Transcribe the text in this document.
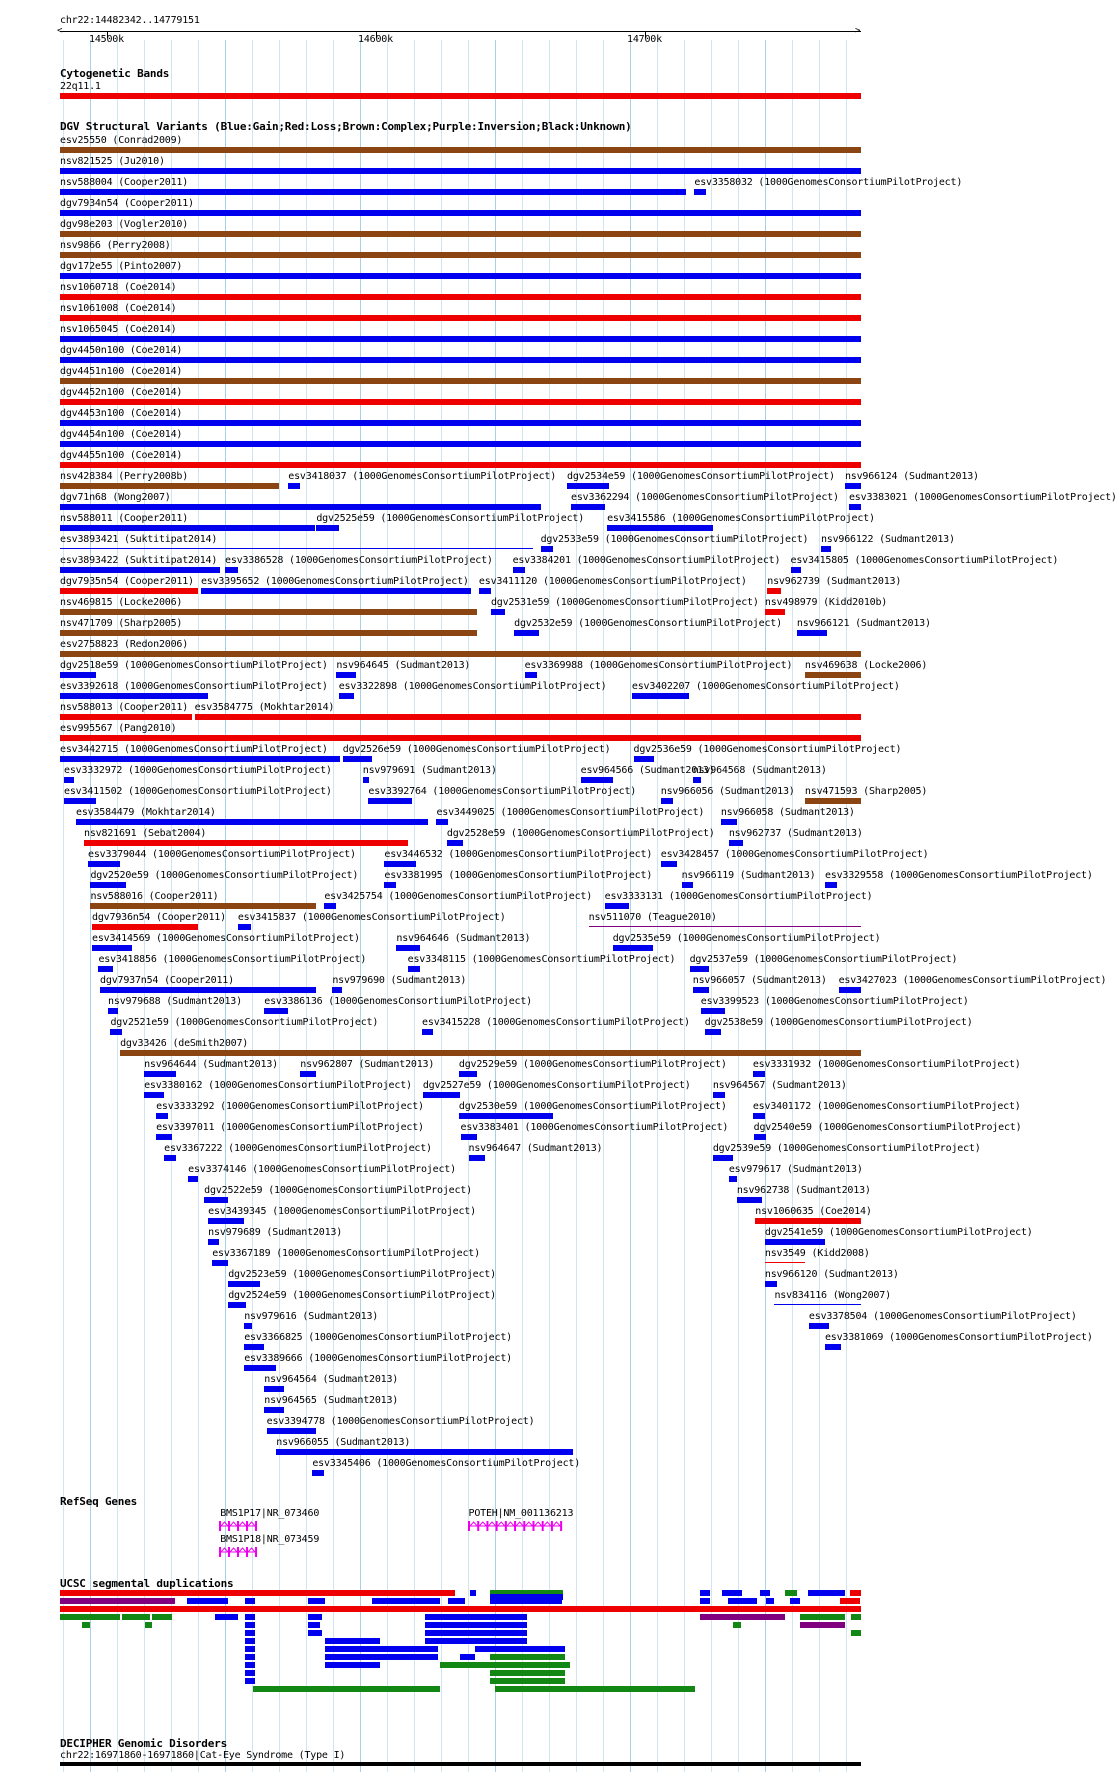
chr22:14482342..14779151
<	>
14500k	14600k	14700k
Cytogenetic Bands
22q11.1
DGV Structural Variants (Blue:Gain;Red:Loss;Brown:Complex;Purple:Inversion;Black:Unknown)
esv25550 (Conrad2009)
nsv821525 (Ju2010)
nsv588004 (Cooper2011)	esv3358032 (1000GenomesConsortiumPilotProject)
dgv7934n54 (Cooper2011)
dgv98e203 (Vogler2010)
nsv9866 (Perry2008)
dgv172e55 (Pinto2007)
nsv1060718 (Coe2014)
nsv1061008 (Coe2014)
nsv1065045 (Coe2014)
dgv4450n100 (Coe2014)
dgv4451n100 (Coe2014)
dgv4452n100 (Coe2014)
dgv4453n100 (Coe2014)
dgv4454n100 (Coe2014)
dgv4455n100 (Coe2014)
nsv428384 (Perry2008b)	esv3418037 (1000GenomesConsortiumPilotProject) dgv2534e59 (1000GenomesConsortiumPilotProject) nsv966124 (Sudmant2013)
dgv71n68 (Wong2007)	esv3362294 (1000GenomesConsortiumPilotProject) esv3383021 (1000GenomesConsortiumPilotProject)
nsv588011 (Cooper2011)	dgv2525e59 (1000GenomesConsortiumPilotProject) esv3415586 (1000GenomesConsortiumPilotProject)
esv3893421 (Suktitipat2014)	dgv2533e59 (1000GenomesConsortiumPilotProject) nsv966122 (Sudmant2013)
esv3893422 (Suktitipat2014) esv3386528 (1000GenomesConsortiumPilotProject) esv3384201 (1000GenomesConsortiumPilotProject) esv3415805 (1000GenomesConsortiumPilotProject)
dgv7935n54 (Cooper2011) esv3395652 (1000GenomesConsortiumPilotProject) esv3411120 (1000GenomesConsortiumPilotProject) nsv962739 (Sudmant2013)
nsv469815 (Locke2006)	dgv2531e59 (1000GenomesConsortiumPilotProject) nsv498979 (Kidd2010b)
nsv471709 (Sharp2005)	dgv2532e59 (1000GenomesConsortiumPilotProject) nsv966121 (Sudmant2013)
esv2758823 (Redon2006)
dgv2518e59 (1000GenomesConsortiumPilotProject) nsv964645 (Sudmant2013)	esv3369988 (1000GenomesConsortiumPilotProject) nsv469638 (Locke2006)
esv3392618 (1000GenomesConsortiumPilotProject) esv3322898 (1000GenomesConsortiumPilotProject)	esv3402207 (1000GenomesConsortiumPilotProject)
nsv588013 (Cooper2011) esv3584775 (Mokhtar2014)
esv995567 (Pang2010)
esv3442715 (1000GenomesConsortiumPilotProject) dgv2526e59 (1000GenomesConsortiumPilotProject) dgv2536e59 (1000GenomesConsortiumPilotProject)
esv3332972 (1000GenomesConsortiumPilotProject)	nsv979691 (Sudmant2013)	esv964566 (Sudmant2013)
nsv964568 (Sudmant2013)
esv3411502 (1000GenomesConsortiumPilotProject)	esv3392764 (1000GenomesConsortiumPilotProject) nsv966056 (Sudmant2013) nsv471593 (Sharp2005)
esv3584479 (Mokhtar2014)	esv3449025 (1000GenomesConsortiumPilotProject) nsv966058 (Sudmant2013)
nsv821691 (Sebat2004)	dgv2528e59 (1000GenomesConsortiumPilotProject) nsv962737 (Sudmant2013)
esv3379044 (1000GenomesConsortiumPilotProject)	esv3446532 (1000GenomesConsortiumPilotProject) esv3428457 (1000GenomesConsortiumPilotProject)
dgv2520e59 (1000GenomesConsortiumPilotProject)	esv3381995 (1000GenomesConsortiumPilotProject)	nsv966119 (Sudmant2013) esv3329558 (1000GenomesConsortiumPilotProject)
nsv588016 (Cooper2011)	esv3425754 (1000GenomesConsortiumPilotProject) esv3333131 (1000GenomesConsortiumPilotProject)
dgv7936n54 (Cooper2011) esv3415837 (1000GenomesConsortiumPilotProject)	nsv511070 (Teague2010)
esv3414569 (1000GenomesConsortiumPilotProject)	nsv964646 (Sudmant2013)	dgv2535e59 (1000GenomesConsortiumPilotProject)
esv3418856 (1000GenomesConsortiumPilotProject)	esv3348115 (1000GenomesConsortiumPilotProject) dgv2537e59 (1000GenomesConsortiumPilotProject)
dgv7937n54 (Cooper2011)	nsv979690 (Sudmant2013)	nsv966057 (Sudmant2013) esv3427023 (1000GenomesConsortiumPilotProject)
nsv979688 (Sudmant2013) esv3386136 (1000GenomesConsortiumPilotProject)	esv3399523 (1000GenomesConsortiumPilotProject)
dgv2521e59 (1000GenomesConsortiumPilotProject)	esv3415228 (1000GenomesConsortiumPilotProject) dgv2538e59 (1000GenomesConsortiumPilotProject)
dgv33426 (deSmith2007)
nsv964644 (Sudmant2013) nsv962807 (Sudmant2013) dgv2529e59 (1000GenomesConsortiumPilotProject)	esv3331932 (1000GenomesConsortiumPilotProject)
esv3380162 (1000GenomesConsortiumPilotProject) dgv2527e59 (1000GenomesConsortiumPilotProject) nsv964567 (Sudmant2013)
esv3333292 (1000GenomesConsortiumPilotProject)	dgv2530e59 (1000GenomesConsortiumPilotProject)	esv3401172 (1000GenomesConsortiumPilotProject)
esv3397011 (1000GenomesConsortiumPilotProject)	esv3383401 (1000GenomesConsortiumPilotProject)	dgv2540e59 (1000GenomesConsortiumPilotProject)
esv3367222 (1000GenomesConsortiumPilotProject)	nsv964647 (Sudmant2013)	dgv2539e59 (1000GenomesConsortiumPilotProject)
esv3374146 (1000GenomesConsortiumPilotProject)	esv979617 (Sudmant2013)
dgv2522e59 (1000GenomesConsortiumPilotProject)	nsv962738 (Sudmant2013)
esv3439345 (1000GenomesConsortiumPilotProject)	nsv1060635 (Coe2014)
nsv979689 (Sudmant2013)	dgv2541e59 (1000GenomesConsortiumPilotProject)
esv3367189 (1000GenomesConsortiumPilotProject)	nsv3549 (Kidd2008)
dgv2523e59 (1000GenomesConsortiumPilotProject)	nsv966120 (Sudmant2013)
dgv2524e59 (1000GenomesConsortiumPilotProject)	nsv834116 (Wong2007)
nsv979616 (Sudmant2013)	esv3378504 (1000GenomesConsortiumPilotProject)
esv3366825 (1000GenomesConsortiumPilotProject)	esv3381069 (1000GenomesConsortiumPilotProject)
esv3389666 (1000GenomesConsortiumPilotProject)
nsv964564 (Sudmant2013)
nsv964565 (Sudmant2013)
esv3394778 (1000GenomesConsortiumPilotProject)
nsv966055 (Sudmant2013)
esv3345406 (1000GenomesConsortiumPilotProject)
RefSeq Genes
BMS1P17|NR_073460	POTEH|NM_001136213
BMS1P18|NR_073459
UCSC segmental duplications
DECIPHER Genomic Disorders
chr22:16971860-16971860|Cat-Eye Syndrome (Type I)
